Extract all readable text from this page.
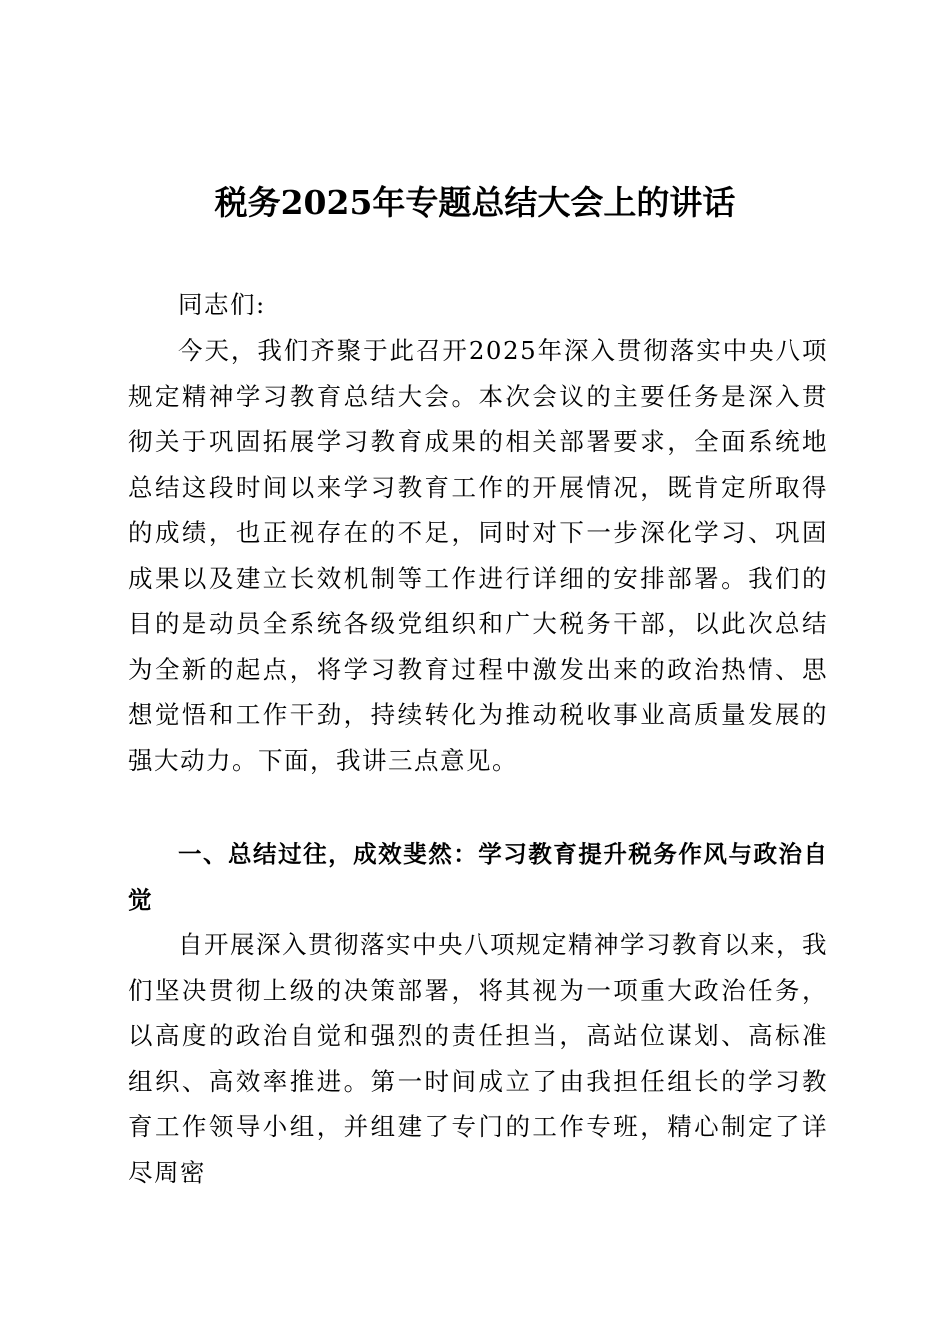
税务2025年专题总结大会上的讲话

同志们:

今天，我们齐聚于此召开2025年深入贯彻落实中央八项规定精神学习教育总结大会。本次会议的主要任务是深入贯彻关于巩固拓展学习教育成果的相关部署要求，全面系统地总结这段时间以来学习教育工作的开展情况，既肯定所取得的成绩，也正视存在的不足，同时对下一步深化学习、巩固成果以及建立长效机制等工作进行详细的安排部署。我们的目的是动员全系统各级党组织和广大税务干部，以此次总结为全新的起点，将学习教育过程中激发出来的政治热情、思想觉悟和工作干劲，持续转化为推动税收事业高质量发展的强大动力。下面，我讲三点意见。

一、总结过往，成效斐然：学习教育提升税务作风与政治自觉

自开展深入贯彻落实中央八项规定精神学习教育以来，我们坚决贯彻上级的决策部署，将其视为一项重大政治任务，以高度的政治自觉和强烈的责任担当，高站位谋划、高标准组织、高效率推进。第一时间成立了由我担任组长的学习教育工作领导小组，并组建了专门的工作专班，精心制定了详尽周密
